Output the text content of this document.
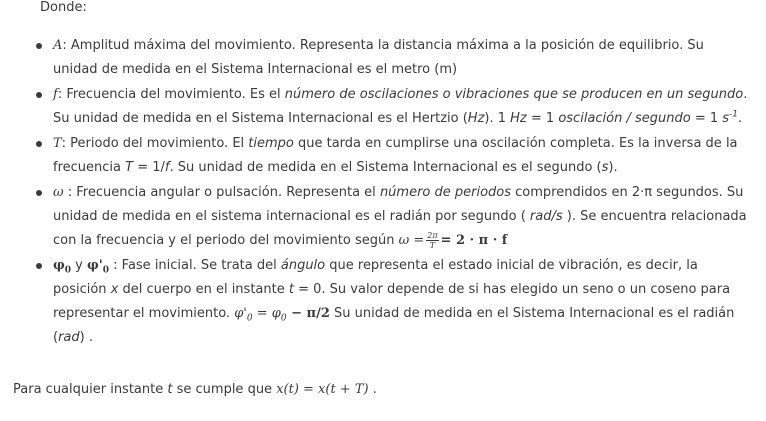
Donde:
A: Amplitud máxima del movimiento. Representa la distancia máxima a la posición de equilibrio. Su unidad de medida en el Sistema Internacional es el metro (m)
f: Frecuencia del movimiento. Es el número de oscilaciones o vibraciones que se producen en un segundo. Su unidad de medida en el Sistema Internacional es el Hertzio (Hz). 1 Hz = 1 oscilación / segundo = 1 $s^{-1}$.
T: Periodo del movimiento. El tiempo que tarda en cumplirse una oscilación completa. Es la inversa de la frecuencia T = 1/f. Su unidad de medida en el Sistema Internacional es el segundo (s).
ω : Frecuencia angular o pulsación. Representa el número de periodos comprendidos en 2·π segundos. Su unidad de medida en el sistema internacional es el radián por segundo ( rad/s ). Se encuentra relacionada con la frecuencia y el periodo del movimiento según $\omega = \frac{2\pi}{T} = 2 \cdot \pi \cdot f$
$\varphi_0$ y $\varphi'_0$ : Fase inicial. Se trata del ángulo que representa el estado inicial de vibración, es decir, la posición x del cuerpo en el instante t = 0. Su valor depende de si has elegido un seno o un coseno para representar el movimiento. $\varphi'_0 = \varphi_0 - \pi/2$ Su unidad de medida en el Sistema Internacional es el radián (rad) .
Para cualquier instante t se cumple que x(t) = x(t + T) .
